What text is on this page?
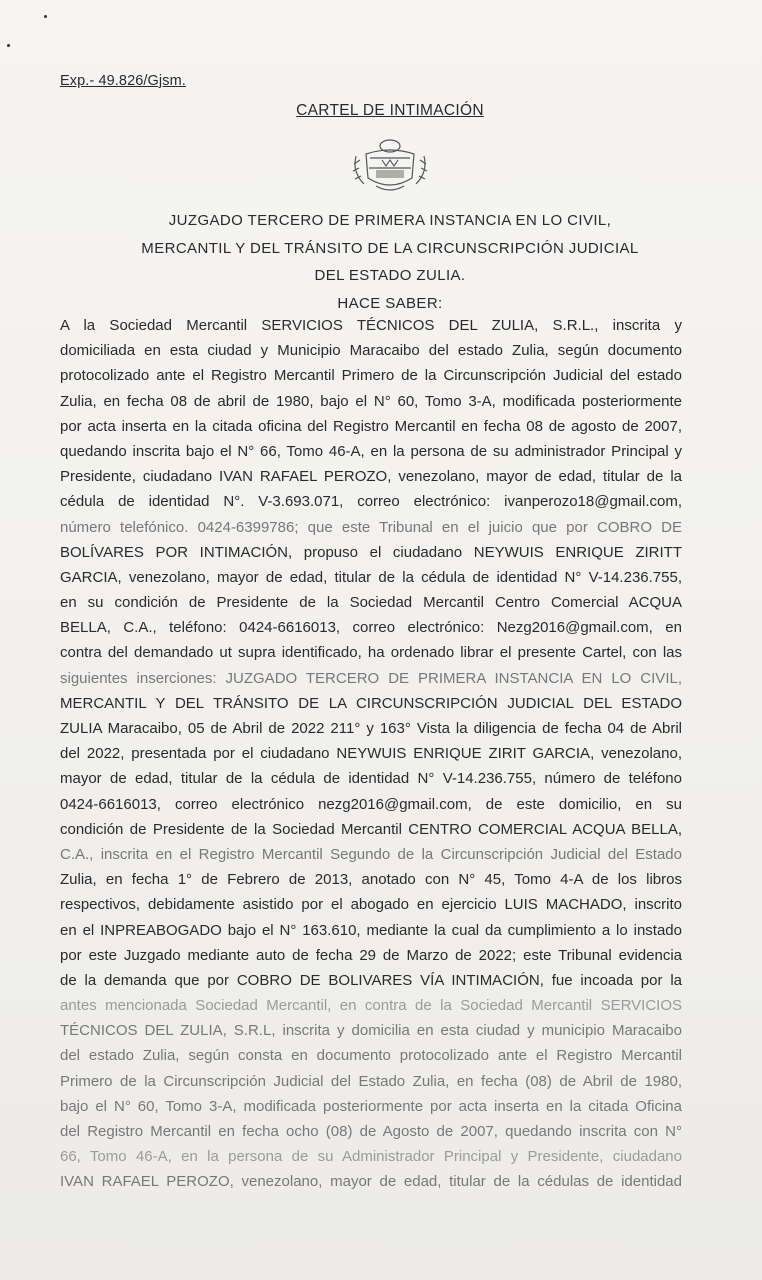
Exp.- 49.826/Gjsm.
CARTEL DE INTIMACIÓN
JUZGADO TERCERO DE PRIMERA INSTANCIA EN LO CIVIL,
MERCANTIL Y DEL TRÁNSITO DE LA CIRCUNSCRIPCIÓN JUDICIAL
DEL ESTADO ZULIA.
HACE SABER:
A la Sociedad Mercantil SERVICIOS TÉCNICOS DEL ZULIA, S.R.L., inscrita y
domiciliada en esta ciudad y Municipio Maracaibo del estado Zulia, según documento
protocolizado ante el Registro Mercantil Primero de la Circunscripción Judicial del estado
Zulia, en fecha 08 de abril de 1980, bajo el N° 60, Tomo 3-A, modificada posteriormente
por acta inserta en la citada oficina del Registro Mercantil en fecha 08 de agosto de 2007,
quedando inscrita bajo el N° 66, Tomo 46-A, en la persona de su administrador Principal y
Presidente, ciudadano IVAN RAFAEL PEROZO, venezolano, mayor de edad, titular de la
cédula de identidad N°. V-3.693.071, correo electrónico: ivanperozo18@gmail.com,
número telefónico. 0424-6399786; que este Tribunal en el juicio que por COBRO DE
BOLÍVARES POR INTIMACIÓN, propuso el ciudadano NEYWUIS ENRIQUE ZIRITT
GARCIA, venezolano, mayor de edad, titular de la cédula de identidad N° V-14.236.755,
en su condición de Presidente de la Sociedad Mercantil Centro Comercial ACQUA
BELLA, C.A., teléfono: 0424-6616013, correo electrónico: Nezg2016@gmail.com, en
contra del demandado ut supra identificado, ha ordenado librar el presente Cartel, con las
siguientes inserciones: JUZGADO TERCERO DE PRIMERA INSTANCIA EN LO CIVIL,
MERCANTIL Y DEL TRÁNSITO DE LA CIRCUNSCRIPCIÓN JUDICIAL DEL ESTADO
ZULIA Maracaibo, 05 de Abril de 2022 211° y 163° Vista la diligencia de fecha 04 de Abril
del 2022, presentada por el ciudadano NEYWUIS ENRIQUE ZIRIT GARCIA, venezolano,
mayor de edad, titular de la cédula de identidad N° V-14.236.755, número de teléfono
0424-6616013, correo electrónico nezg2016@gmail.com, de este domicilio, en su
condición de Presidente de la Sociedad Mercantil CENTRO COMERCIAL ACQUA BELLA,
C.A., inscrita en el Registro Mercantil Segundo de la Circunscripción Judicial del Estado
Zulia, en fecha 1° de Febrero de 2013, anotado con N° 45, Tomo 4-A de los libros
respectivos, debidamente asistido por el abogado en ejercicio LUIS MACHADO, inscrito
en el INPREABOGADO bajo el N° 163.610, mediante la cual da cumplimiento a lo instado
por este Juzgado mediante auto de fecha 29 de Marzo de 2022; este Tribunal evidencia
de la demanda que por COBRO DE BOLIVARES VÍA INTIMACIÓN, fue incoada por la
antes mencionada Sociedad Mercantil, en contra de la Sociedad Mercantil SERVICIOS
TÉCNICOS DEL ZULIA, S.R.L, inscrita y domicilia en esta ciudad y municipio Maracaibo
del estado Zulia, según consta en documento protocolizado ante el Registro Mercantil
Primero de la Circunscripción Judicial del Estado Zulia, en fecha (08) de Abril de 1980,
bajo el N° 60, Tomo 3-A, modificada posteriormente por acta inserta en la citada Oficina
del Registro Mercantil en fecha ocho (08) de Agosto de 2007, quedando inscrita con N°
66, Tomo 46-A, en la persona de su Administrador Principal y Presidente, ciudadano
IVAN RAFAEL PEROZO, venezolano, mayor de edad, titular de la cédulas de identidad
